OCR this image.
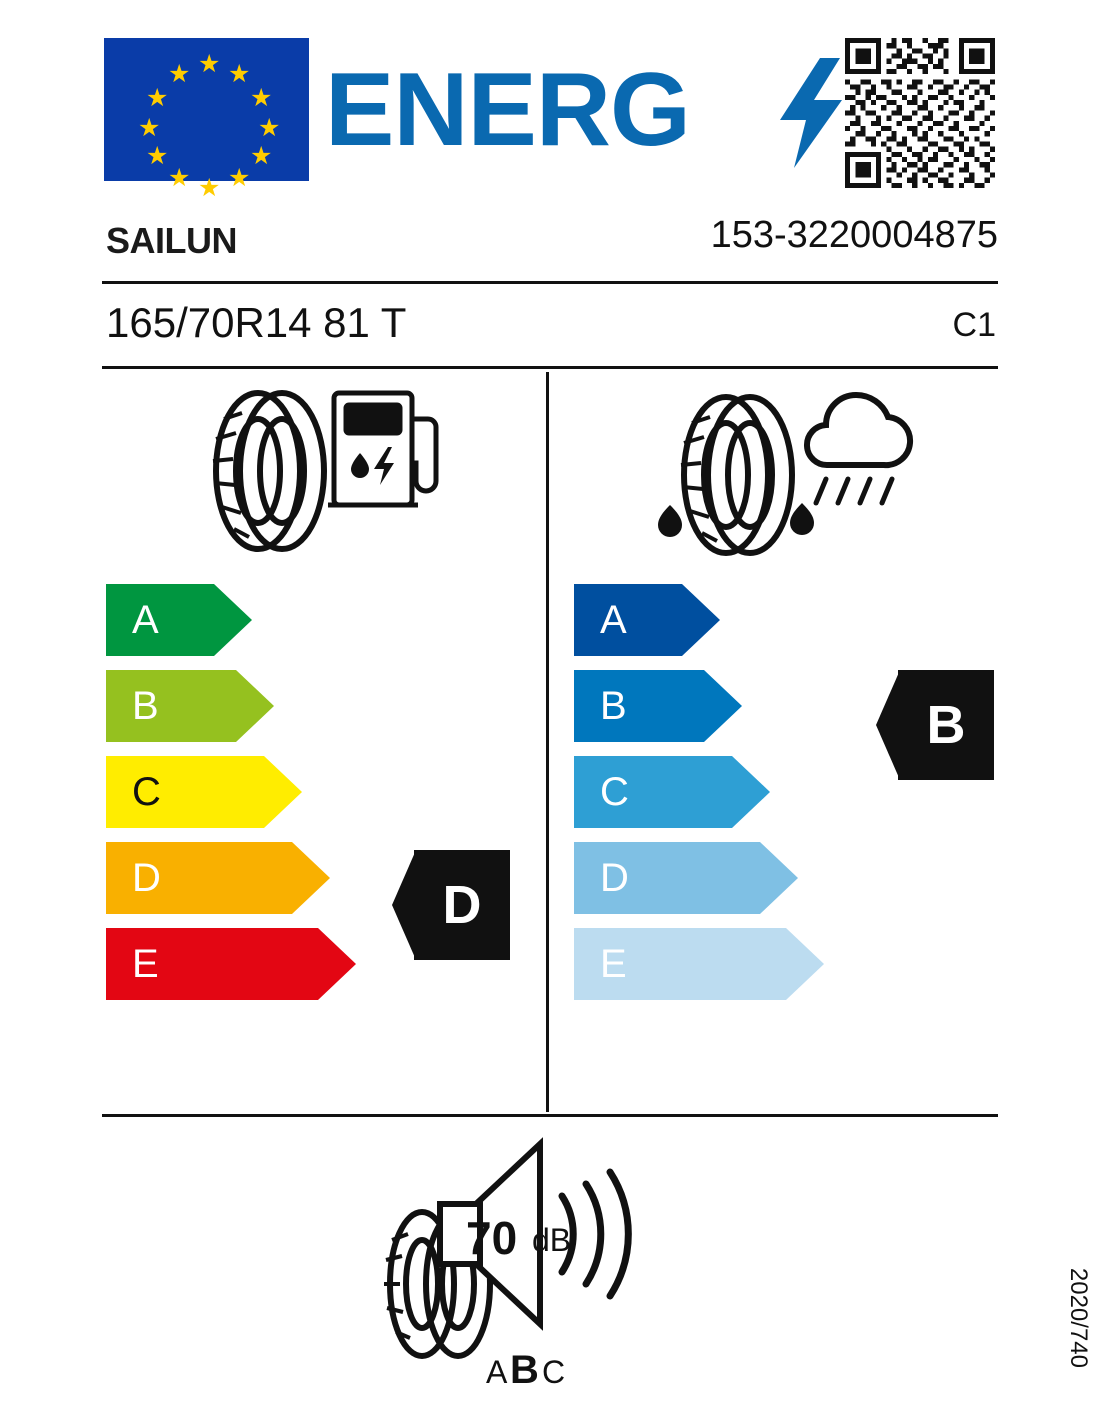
★
★ ★
★	★
★	★
★	★
★ ★
★
ENERG
SAILUN	153-3220004875
165/70R14 81 T	C1
A
B
C
D
E
D
A
B
C
D
E
B
70 dB
A B C
2020/740
